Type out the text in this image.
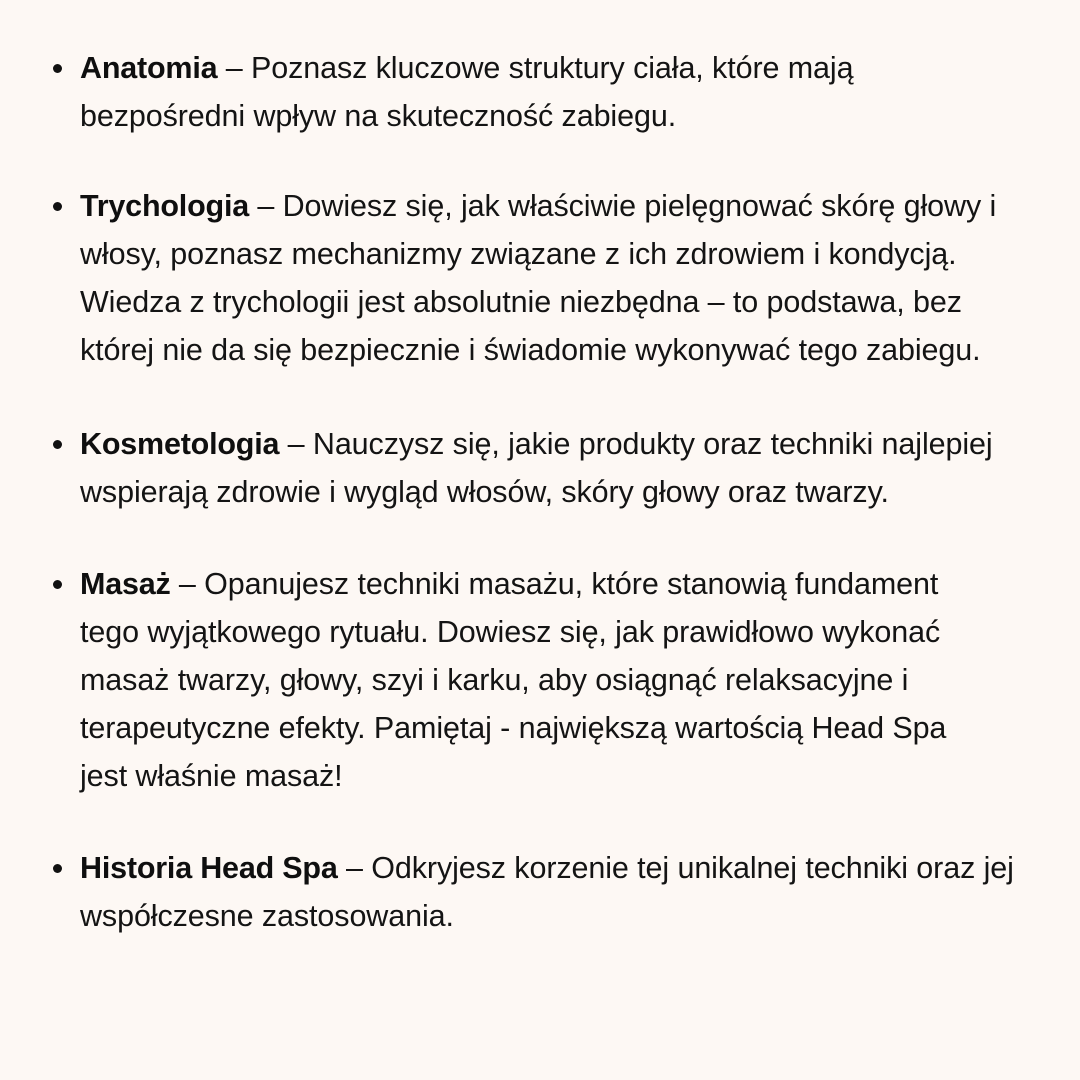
Anatomia – Poznasz kluczowe struktury ciała, które mają bezpośredni wpływ na skuteczność zabiegu.
Trychologia – Dowiesz się, jak właściwie pielęgnować skórę głowy i włosy, poznasz mechanizmy związane z ich zdrowiem i kondycją. Wiedza z trychologii jest absolutnie niezbędna – to podstawa, bez której nie da się bezpiecznie i świadomie wykonywać tego zabiegu.
Kosmetologia – Nauczysz się, jakie produkty oraz techniki najlepiej wspierają zdrowie i wygląd włosów, skóry głowy oraz twarzy.
Masaż – Opanujesz techniki masażu, które stanowią fundament tego wyjątkowego rytuału. Dowiesz się, jak prawidłowo wykonać masaż twarzy, głowy, szyi i karku, aby osiągnąć relaksacyjne i terapeutyczne efekty. Pamiętaj - największą wartością Head Spa jest właśnie masaż!
Historia Head Spa – Odkryjesz korzenie tej unikalnej techniki oraz jej współczesne zastosowania.
